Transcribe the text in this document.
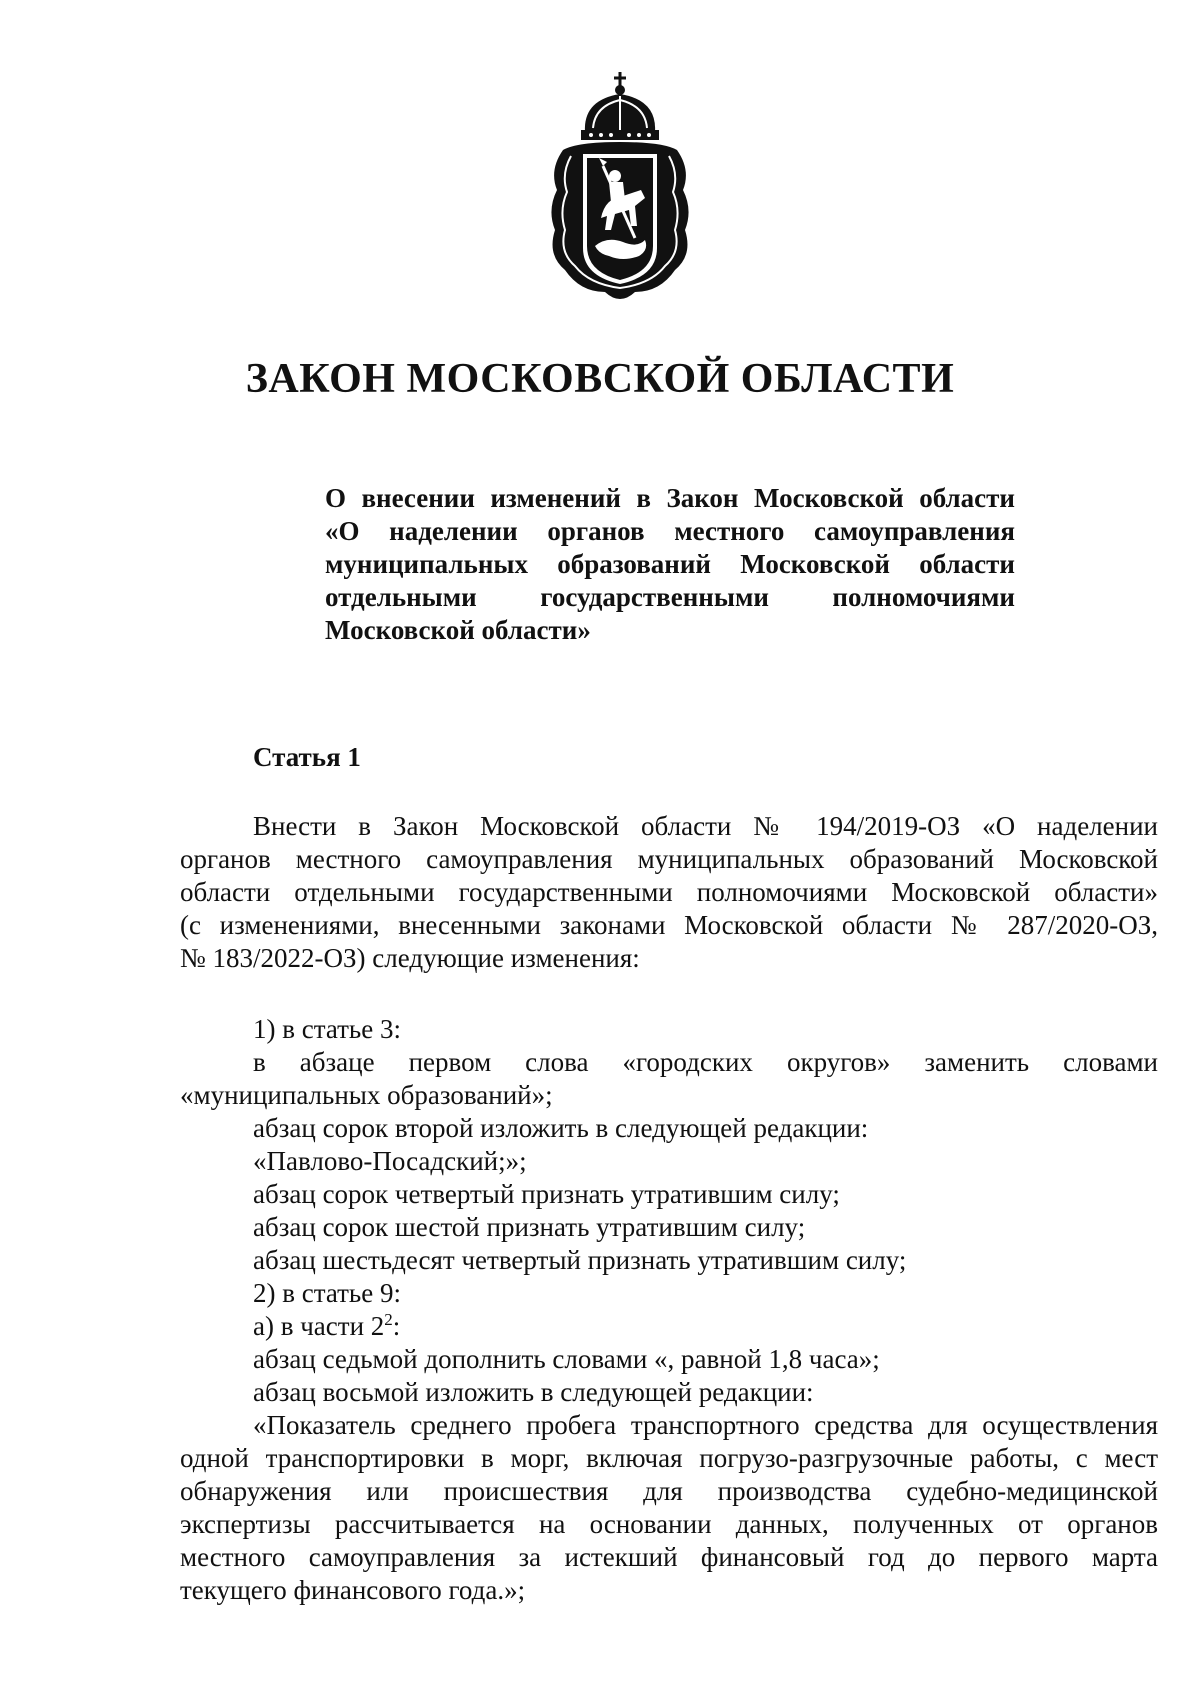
ЗАКОН МОСКОВСКОЙ ОБЛАСТИ
О внесении изменений в Закон Московской области
«О наделении органов местного самоуправления
муниципальных образований Московской области
отдельными государственными полномочиями
Московской области»
Статья 1
Внести в Закон Московской области № 194/2019-ОЗ «О наделении
органов местного самоуправления муниципальных образований Московской
области отдельными государственными полномочиями Московской области»
(с изменениями, внесенными законами Московской области № 287/2020-ОЗ,
№ 183/2022-ОЗ) следующие изменения:
1) в статье 3:
в абзаце первом слова «городских округов» заменить словами
«муниципальных образований»;
абзац сорок второй изложить в следующей редакции:
«Павлово-Посадский;»;
абзац сорок четвертый признать утратившим силу;
абзац сорок шестой признать утратившим силу;
абзац шестьдесят четвертый признать утратившим силу;
2) в статье 9:
а) в части $2^2$:
абзац седьмой дополнить словами «, равной 1,8 часа»;
абзац восьмой изложить в следующей редакции:
«Показатель среднего пробега транспортного средства для осуществления
одной транспортировки в морг, включая погрузо-разгрузочные работы, с мест
обнаружения или происшествия для производства судебно-медицинской
экспертизы рассчитывается на основании данных, полученных от органов
местного самоуправления за истекший финансовый год до первого марта
текущего финансового года.»;
